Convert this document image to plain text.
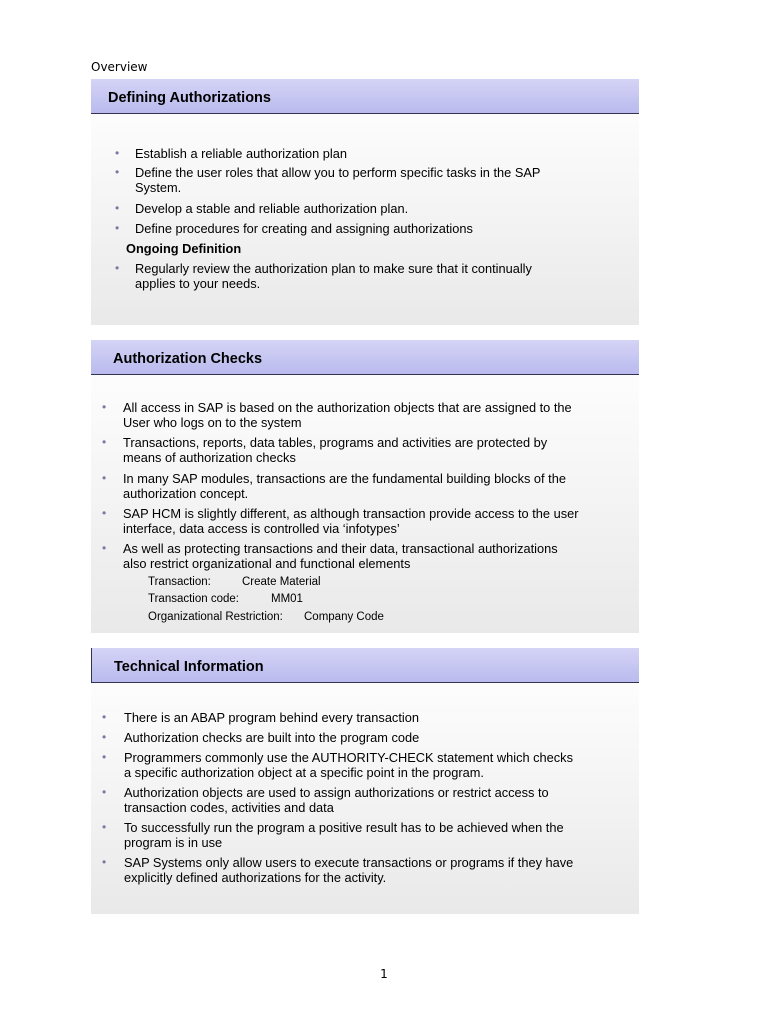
Overview
Defining Authorizations
• Establish a reliable authorization plan
• Define the user roles that allow you to perform specific tasks in the SAP
System.
• Develop a stable and reliable authorization plan.
• Define procedures for creating and assigning authorizations
Ongoing Definition
• Regularly review the authorization plan to make sure that it continually
applies to your needs.
Authorization Checks
• All access in SAP is based on the authorization objects that are assigned to the
User who logs on to the system
• Transactions, reports, data tables, programs and activities are protected by
means of authorization checks
• In many SAP modules, transactions are the fundamental building blocks of the
authorization concept.
• SAP HCM is slightly different, as although transaction provide access to the user
interface, data access is controlled via ‘infotypes’
• As well as protecting transactions and their data, transactional authorizations
also restrict organizational and functional elements
Transaction:	Create Material
Transaction code:	MM01
Organizational Restriction: Company Code
Technical Information
• There is an ABAP program behind every transaction
• Authorization checks are built into the program code
• Programmers commonly use the AUTHORITY-CHECK statement which checks
a specific authorization object at a specific point in the program.
• Authorization objects are used to assign authorizations or restrict access to
transaction codes, activities and data
• To successfully run the program a positive result has to be achieved when the
program is in use
• SAP Systems only allow users to execute transactions or programs if they have
explicitly defined authorizations for the activity.
1
